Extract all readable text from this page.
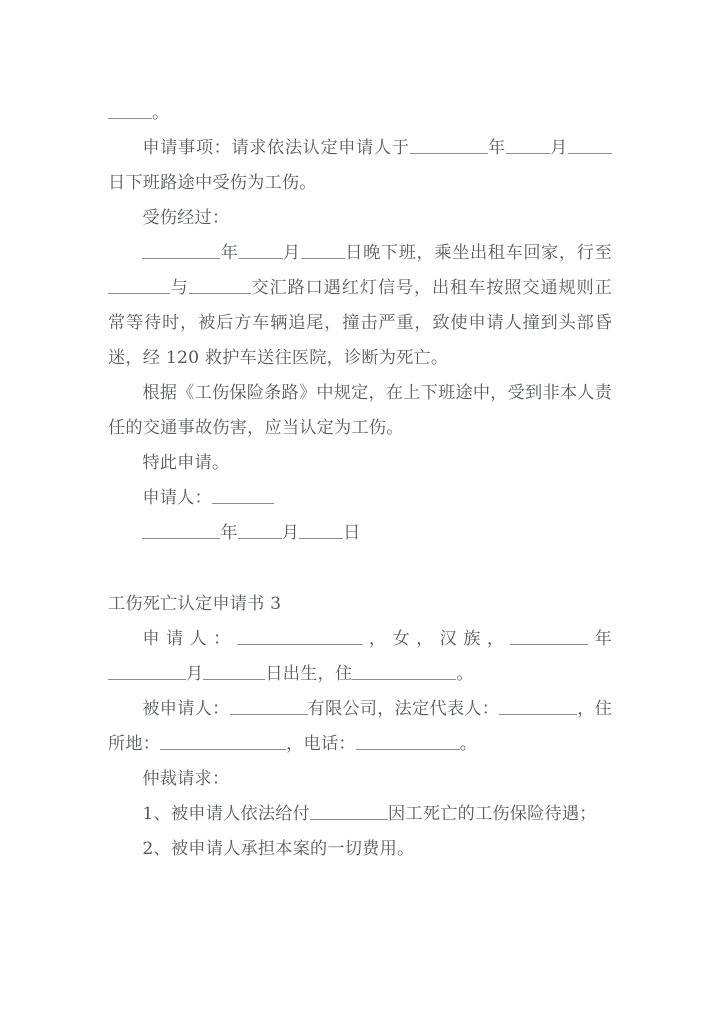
。

申请事项：请求依法认定申请人于	年	月日下班路途中受伤为工伤。

受伤经过：

年	月	日晚下班，乘坐出租车回家，行至与	交汇路口遇红灯信号，出租车按照交通规则正常等待时，被后方车辆追尾，撞击严重，致使申请人撞到头部昏迷，经 120 救护车送往医院，诊断为死亡。

根据《工伤保险条路》中规定，在上下班途中，受到非本人责任的交通事故伤害，应当认定为工伤。

特此申请。

申请人：

年	月	日

工伤死亡认定申请书 3

申请人：	，女，汉族，	年月	日出生，住	。

被申请人：	有限公司，法定代表人：	，住所地：	，电话：	。

仲裁请求：

1、被申请人依法给付	因工死亡的工伤保险待遇；

2、被申请人承担本案的一切费用。
